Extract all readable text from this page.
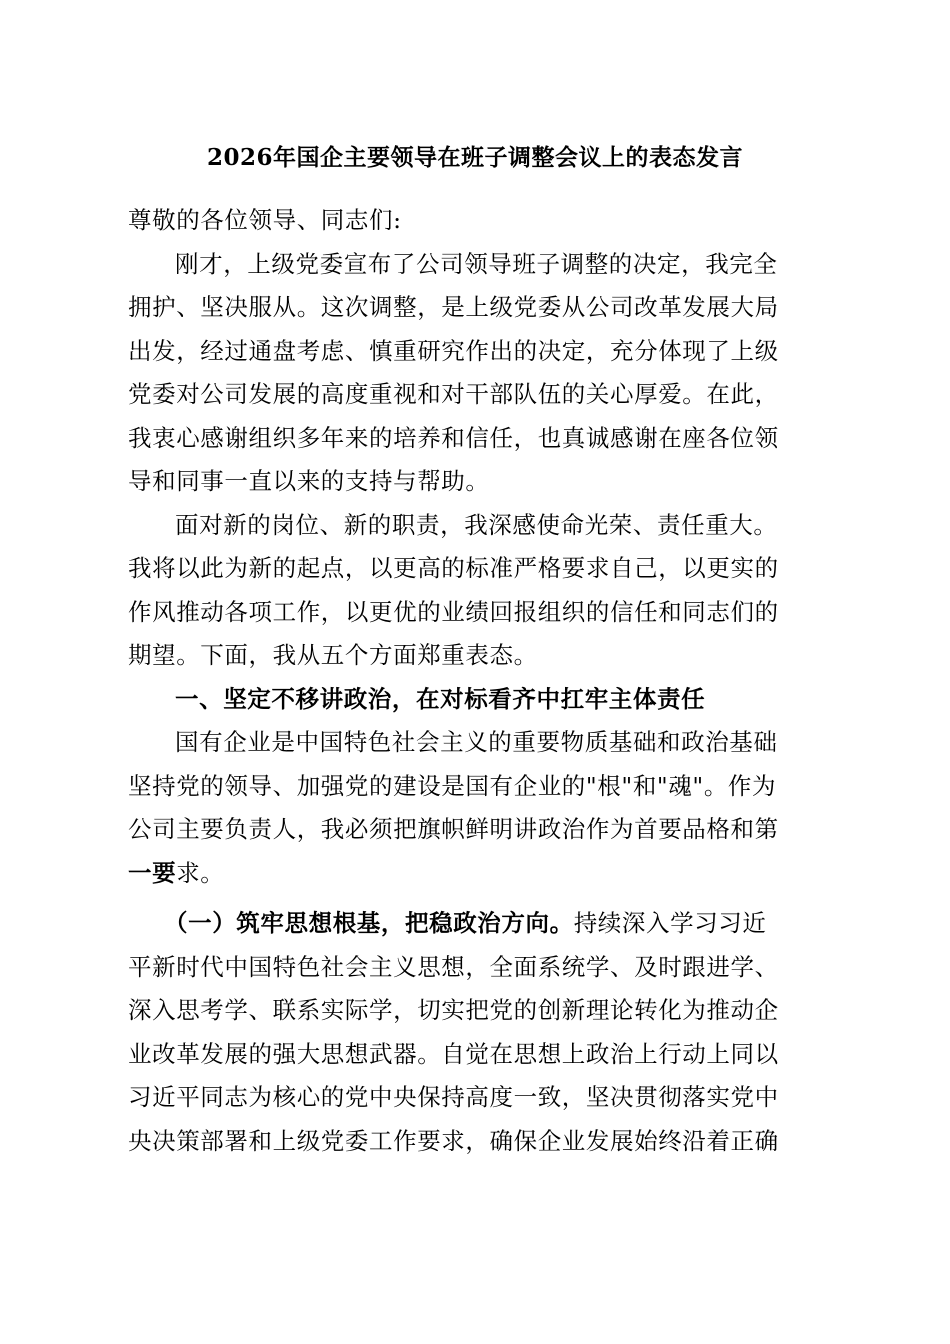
2026年国企主要领导在班子调整会议上的表态发言
尊敬的各位领导、同志们:
刚才，上级党委宣布了公司领导班子调整的决定，我完全
拥护、坚决服从。这次调整，是上级党委从公司改革发展大局
出发，经过通盘考虑、慎重研究作出的决定，充分体现了上级
党委对公司发展的高度重视和对干部队伍的关心厚爱。在此，
我衷心感谢组织多年来的培养和信任，也真诚感谢在座各位领
导和同事一直以来的支持与帮助。
面对新的岗位、新的职责，我深感使命光荣、责任重大。
我将以此为新的起点，以更高的标准严格要求自己，以更实的
作风推动各项工作，以更优的业绩回报组织的信任和同志们的
期望。下面，我从五个方面郑重表态。
一、坚定不移讲政治，在对标看齐中扛牢主体责任
国有企业是中国特色社会主义的重要物质基础和政治基础
坚持党的领导、加强党的建设是国有企业的"根"和"魂"。作为
公司主要负责人，我必须把旗帜鲜明讲政治作为首要品格和第
一要求。
（一）筑牢思想根基，把稳政治方向。持续深入学习习近
平新时代中国特色社会主义思想，全面系统学、及时跟进学、
深入思考学、联系实际学，切实把党的创新理论转化为推动企
业改革发展的强大思想武器。自觉在思想上政治上行动上同以
习近平同志为核心的党中央保持高度一致，坚决贯彻落实党中
央决策部署和上级党委工作要求，确保企业发展始终沿着正确
